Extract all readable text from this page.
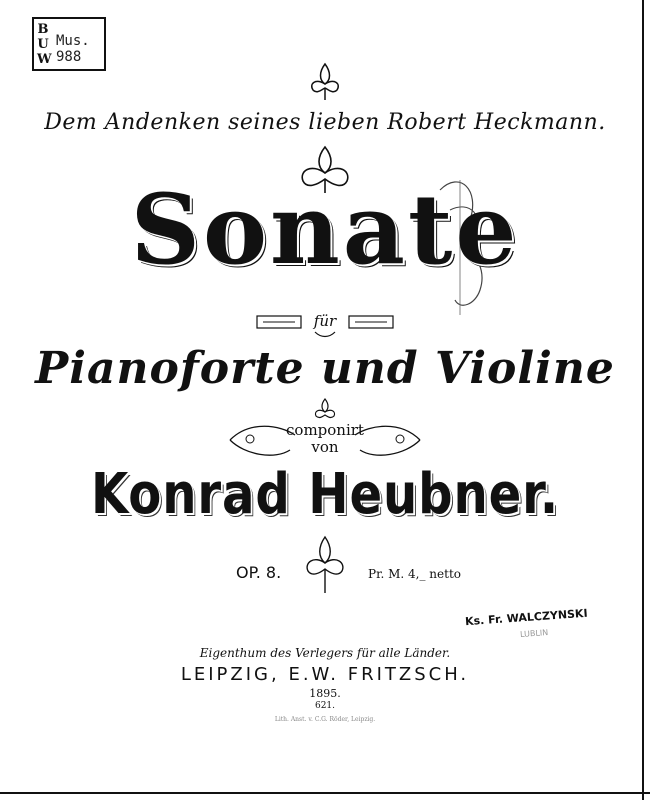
B
U
W
Mus. 988
Dem Andenken seines lieben Robert Heckmann.
Sonate
für
Pianoforte und Violine
componirt
von
Konrad Heubner.
OP. 8.	Pr. M. 4,_ netto
Ks. Fr. WALCZYNSKI
LUBLIN
Eigenthum des Verlegers für alle Länder.
LEIPZIG, E.W. FRITZSCH.
1895.
621.
Lith. Anst. v. C.G. Röder, Leipzig.
